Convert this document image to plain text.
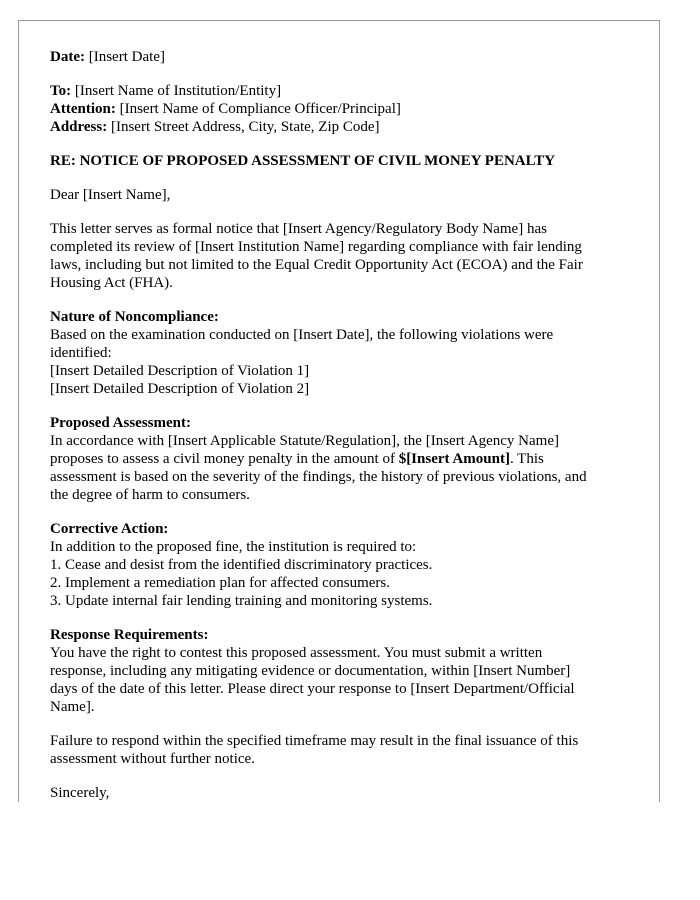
Date: [Insert Date]

To: [Insert Name of Institution/Entity]
Attention: [Insert Name of Compliance Officer/Principal]
Address: [Insert Street Address, City, State, Zip Code]

RE: NOTICE OF PROPOSED ASSESSMENT OF CIVIL MONEY PENALTY

Dear [Insert Name],

This letter serves as formal notice that [Insert Agency/Regulatory Body Name] has
completed its review of [Insert Institution Name] regarding compliance with fair lending
laws, including but not limited to the Equal Credit Opportunity Act (ECOA) and the Fair
Housing Act (FHA).

Nature of Noncompliance:
Based on the examination conducted on [Insert Date], the following violations were
identified:
[Insert Detailed Description of Violation 1]
[Insert Detailed Description of Violation 2]

Proposed Assessment:
In accordance with [Insert Applicable Statute/Regulation], the [Insert Agency Name]
proposes to assess a civil money penalty in the amount of $[Insert Amount]. This
assessment is based on the severity of the findings, the history of previous violations, and
the degree of harm to consumers.

Corrective Action:
In addition to the proposed fine, the institution is required to:
1. Cease and desist from the identified discriminatory practices.
2. Implement a remediation plan for affected consumers.
3. Update internal fair lending training and monitoring systems.

Response Requirements:
You have the right to contest this proposed assessment. You must submit a written
response, including any mitigating evidence or documentation, within [Insert Number]
days of the date of this letter. Please direct your response to [Insert Department/Official
Name].

Failure to respond within the specified timeframe may result in the final issuance of this
assessment without further notice.

Sincerely,
